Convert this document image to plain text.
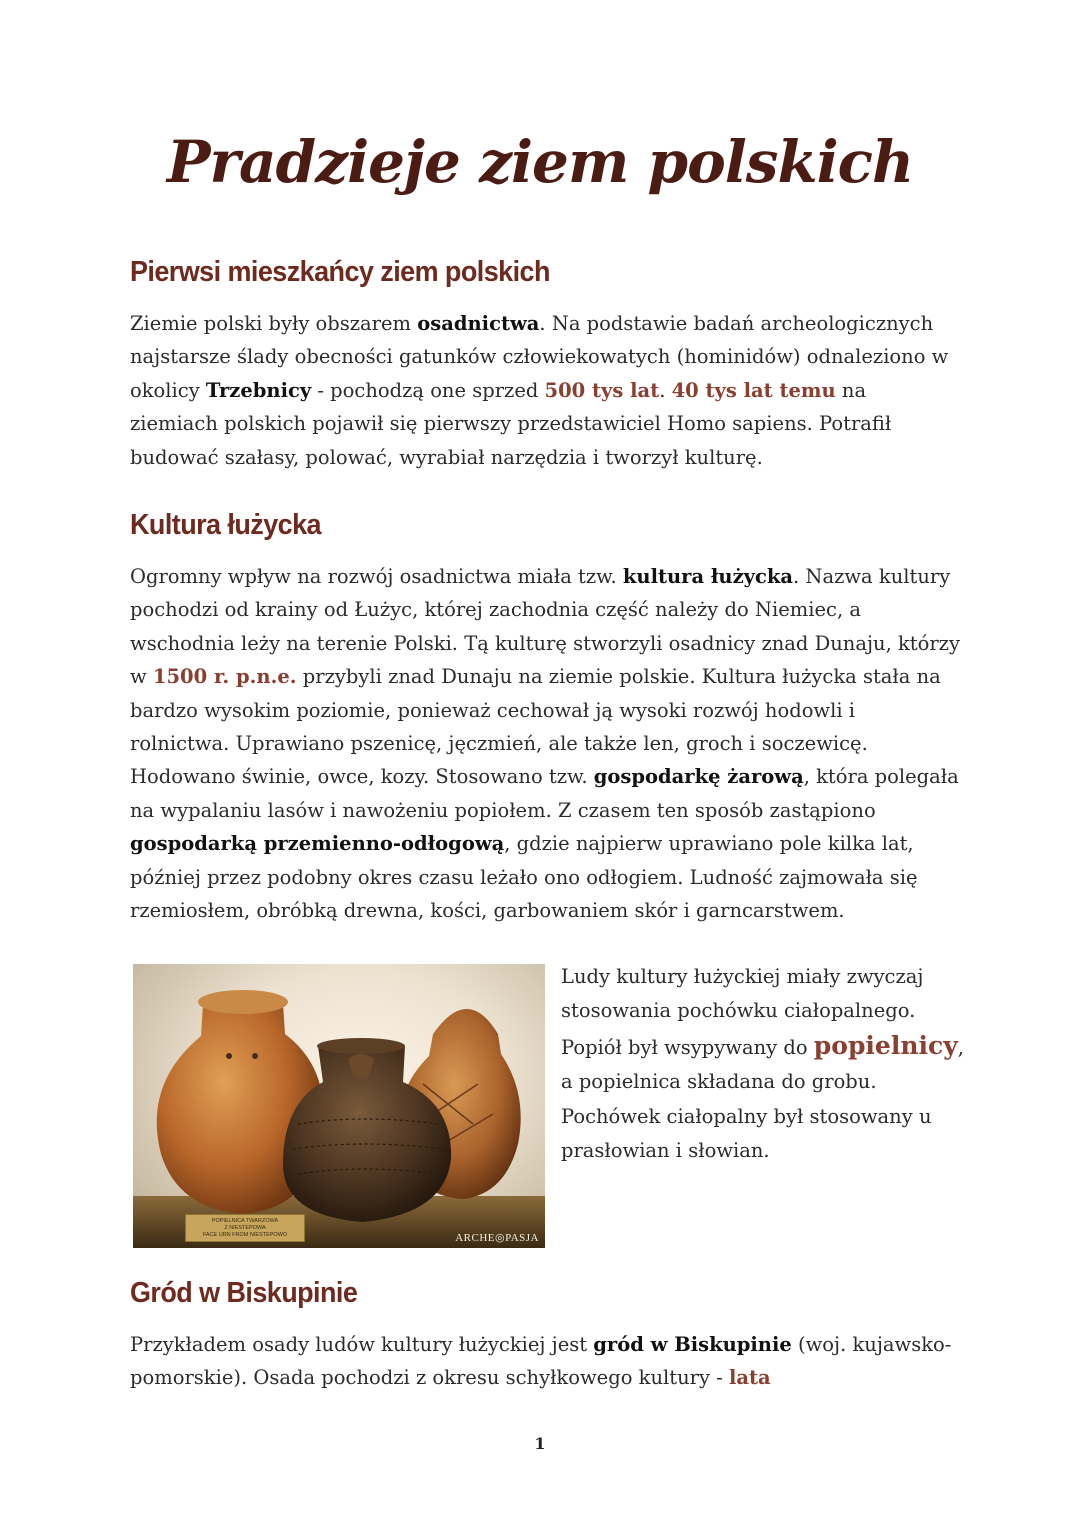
Pradzieje ziem polskich
Pierwsi mieszkańcy ziem polskich

Ziemie polski były obszarem osadnictwa. Na podstawie badań archeologicznych najstarsze ślady obecności gatunków człowiekowatych (hominidów) odnaleziono w okolicy Trzebnicy - pochodzą one sprzed 500 tys lat. 40 tys lat temu na ziemiach polskich pojawił się pierwszy przedstawiciel Homo sapiens. Potrafił budować szałasy, polować, wyrabiał narzędzia i tworzył kulturę.

Kultura łużycka

Ogromny wpływ na rozwój osadnictwa miała tzw. kultura łużycka. Nazwa kultury pochodzi od krainy od Łużyc, której zachodnia część należy do Niemiec, a wschodnia leży na terenie Polski. Tą kulturę stworzyli osadnicy znad Dunaju, którzy w 1500 r. p.n.e. przybyli znad Dunaju na ziemie polskie. Kultura łużycka stała na bardzo wysokim poziomie, ponieważ cechował ją wysoki rozwój hodowli i rolnictwa. Uprawiano pszenicę, jęczmień, ale także len, groch i soczewicę. Hodowano świnie, owce, kozy. Stosowano tzw. gospodarkę żarową, która polegała na wypalaniu lasów i nawożeniu popiołem. Z czasem ten sposób zastąpiono gospodarką przemienno-odłogową, gdzie najpierw uprawiano pole kilka lat, później przez podobny okres czasu leżało ono odłogiem. Ludność zajmowała się rzemiosłem, obróbką drewna, kości, garbowaniem skór i garncarstwem.

POPIELNICA TWARZOWA
Z NIESTEPOWA
FACE URN FROM NIESTEPOWO	ARCHE◎PASJA

Ludy kultury łużyckiej miały zwyczaj stosowania pochówku ciałopalnego. Popiół był wsypywany do popielnicy, a popielnica składana do grobu. Pochówek ciałopalny był stosowany u prasłowian i słowian.

Gród w Biskupinie

Przykładem osady ludów kultury łużyckiej jest gród w Biskupinie (woj. kujawsko-pomorskie). Osada pochodzi z okresu schyłkowego kultury - lata

1
